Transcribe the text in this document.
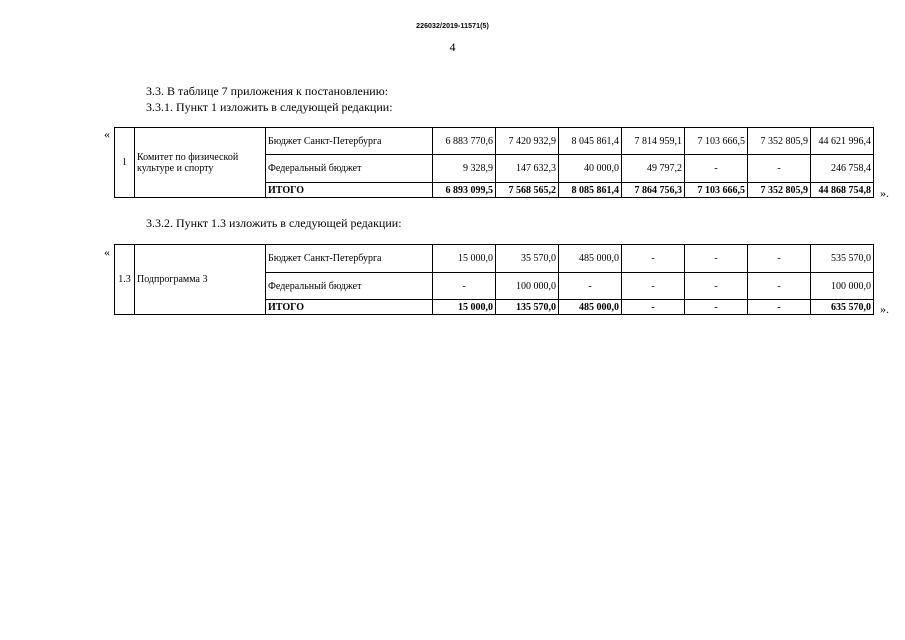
226032/2019-11571(5)
4
3.3. В таблице 7 приложения к постановлению:
3.3.1. Пункт 1 изложить в следующей редакции:
«
1	Комитет по физической культуре и спорту	Бюджет Санкт-Петербурга	6 883 770,6	7 420 932,9	8 045 861,4	7 814 959,1	7 103 666,5	7 352 805,9	44 621 996,4
		Федеральный бюджет	9 328,9	147 632,3	40 000,0	49 797,2	-	-	246 758,4
		ИТОГО	6 893 099,5	7 568 565,2	8 085 861,4	7 864 756,3	7 103 666,5	7 352 805,9	44 868 754,8 ».
3.3.2. Пункт 1.3 изложить в следующей редакции:
«
1.3	Подпрограмма 3	Бюджет Санкт-Петербурга	15 000,0	35 570,0	485 000,0	-	-	-	535 570,0
		Федеральный бюджет	-	100 000,0	-	-	-	-	100 000,0
		ИТОГО	15 000,0	135 570,0	485 000,0	-	-	-	635 570,0 ».
